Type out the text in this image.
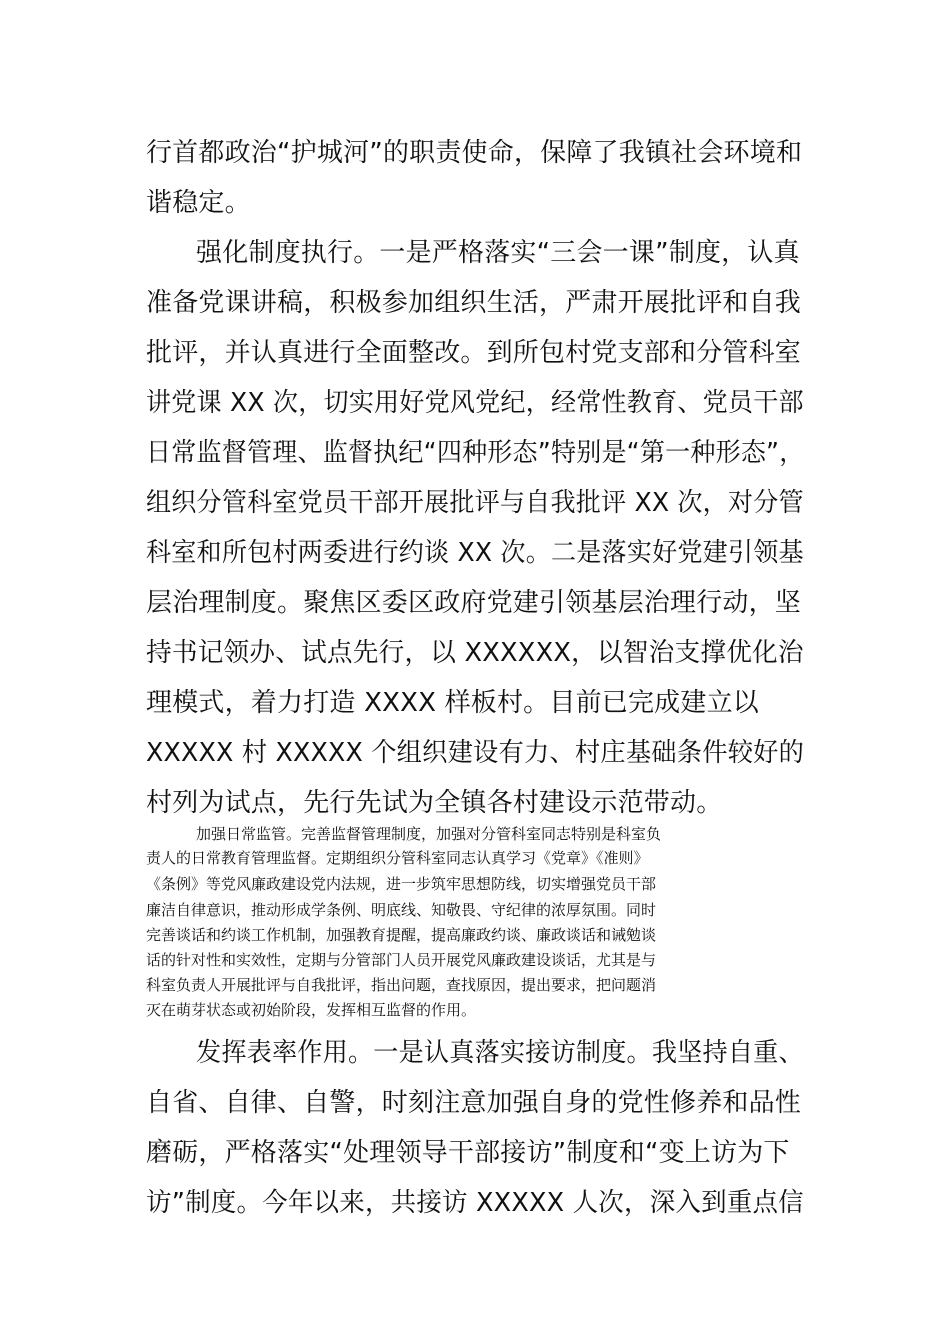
行首都政治“护城河”的职责使命，保障了我镇社会环境和
谐稳定。
强化制度执行。一是严格落实“三会一课”制度，认真
准备党课讲稿，积极参加组织生活，严肃开展批评和自我
批评，并认真进行全面整改。到所包村党支部和分管科室
讲党课 XX 次，切实用好党风党纪，经常性教育、党员干部
日常监督管理、监督执纪“四种形态”特别是“第一种形态”，
组织分管科室党员干部开展批评与自我批评 XX 次，对分管
科室和所包村两委进行约谈 XX 次。二是落实好党建引领基
层治理制度。聚焦区委区政府党建引领基层治理行动，坚
持书记领办、试点先行，以 XXXXXX，以智治支撑优化治
理模式，着力打造 XXXX 样板村。目前已完成建立以
XXXXX 村 XXXXX 个组织建设有力、村庄基础条件较好的
村列为试点，先行先试为全镇各村建设示范带动。
加强日常监管。完善监督管理制度，加强对分管科室同志特别是科室负
责人的日常教育管理监督。定期组织分管科室同志认真学习《党章》《准则》
《条例》等党风廉政建设党内法规，进一步筑牢思想防线，切实增强党员干部
廉洁自律意识，推动形成学条例、明底线、知敬畏、守纪律的浓厚氛围。同时
完善谈话和约谈工作机制，加强教育提醒，提高廉政约谈、廉政谈话和诫勉谈
话的针对性和实效性，定期与分管部门人员开展党风廉政建设谈话，尤其是与
科室负责人开展批评与自我批评，指出问题，查找原因，提出要求，把问题消
灭在萌芽状态或初始阶段，发挥相互监督的作用。
发挥表率作用。一是认真落实接访制度。我坚持自重、
自省、自律、自警，时刻注意加强自身的党性修养和品性
磨砺，严格落实“处理领导干部接访”制度和“变上访为下
访”制度。今年以来，共接访 XXXXX 人次，深入到重点信
